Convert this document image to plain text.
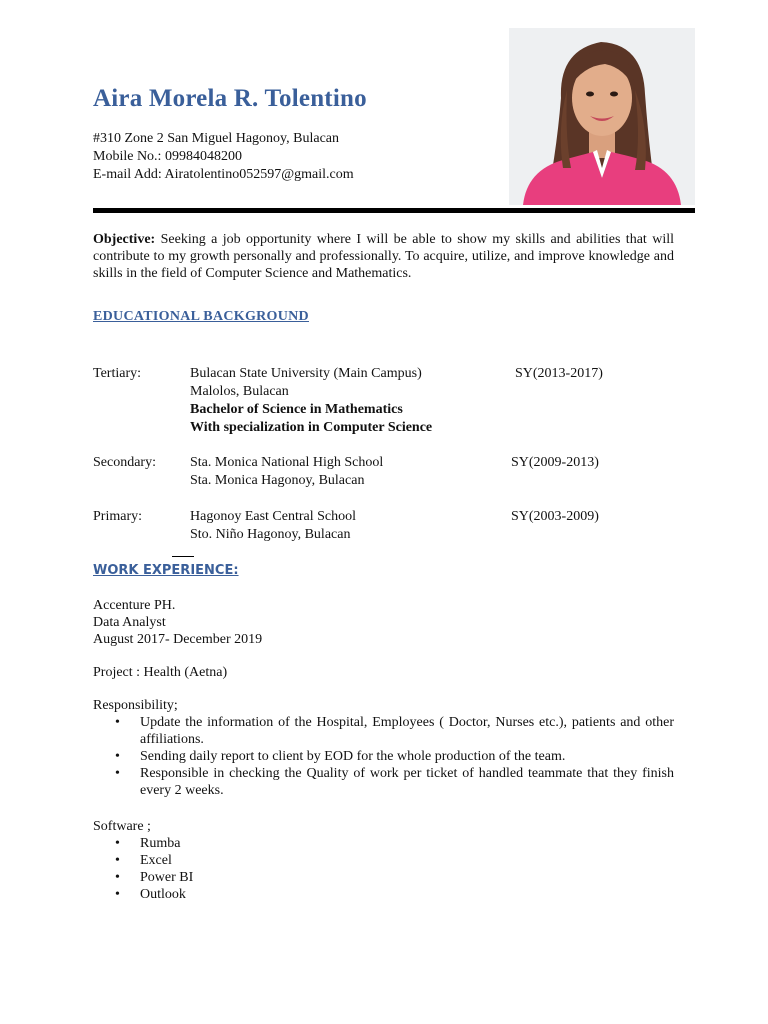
Aira Morela R. Tolentino
#310 Zone 2 San Miguel Hagonoy, Bulacan
Mobile No.: 09984048200
E-mail Add: Airatolentino052597@gmail.com
Objective: Seeking a job opportunity where I will be able to show my skills and abilities that will contribute to my growth personally and professionally. To acquire, utilize, and improve knowledge and skills in the field of Computer Science and Mathematics.
EDUCATIONAL BACKGROUND
Tertiary:	Bulacan State University (Main Campus)
Malolos, Bulacan
Bachelor of Science in Mathematics
With specialization in Computer Science
SY(2013-2017)
Secondary: Sta. Monica National High School
Sta. Monica Hagonoy, Bulacan
SY(2009-2013)
Primary:	Hagonoy East Central School
Sto. Niño Hagonoy, Bulacan
SY(2003-2009)
WORK EXPERIENCE:
Accenture PH.
Data Analyst
August 2017- December 2019
Project : Health (Aetna)
Responsibility;
• Update the information of the Hospital, Employees ( Doctor, Nurses etc.), patients and other affiliations.
• Sending daily report to client by EOD for the whole production of the team.
• Responsible in checking the Quality of work per ticket of handled teammate that they finish every 2 weeks.
Software ;
• Rumba
• Excel
• Power BI
• Outlook
